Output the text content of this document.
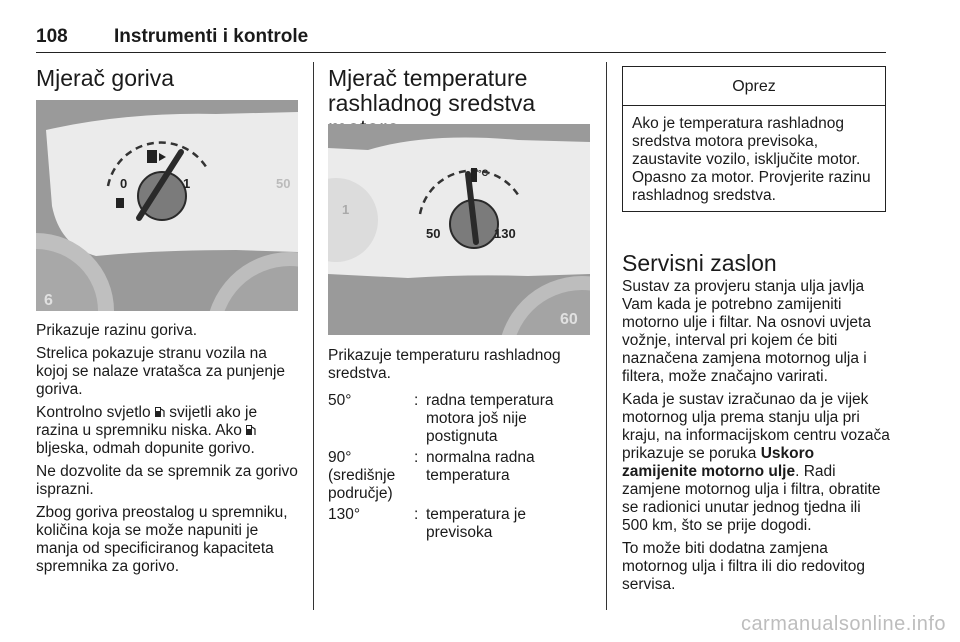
108 Instrumenti i kontrole
Mjerač goriva
0	1	50
6

Prikazuje razinu goriva.

Strelica pokazuje stranu vozila na kojoj se nalaze vratašca za punjenje goriva.

Kontrolno svjetlo svijetli ako je razina u spremniku niska. Ako  bljeska, odmah dopunite gorivo.

Ne dozvolite da se spremnik za gorivo isprazni.

Zbog goriva preostalog u spremniku, količina koja se može napuniti je manja od specificiranog kapaciteta spremnika za gorivo.

Mjerač temperature rashladnog sredstva
50	130
°C
1
60

Prikazuje temperaturu rashladnog sredstva.

50°	: radna temperatura motora još nije postignuta
90° (središnje područje)
: normalna radna temperatura
130°	: temperatura je previsoka
Oprez
Ako je temperatura rashladnog sredstva motora previsoka, zaustavite vozilo, isključite motor. Opasno za motor. Provjerite razinu rashladnog sredstva.
Servisni zaslon

Sustav za provjeru stanja ulja javlja Vam kada je potrebno zamijeniti motorno ulje i filtar. Na osnovi uvjeta vožnje, interval pri kojem će biti naznačena zamjena motornog ulja i filtera, može značajno varirati.

Kada je sustav izračunao da je vijek motornog ulja prema stanju ulja pri kraju, na informacijskom centru vozača prikazuje se poruka Uskoro zamijenite motorno ulje. Radi zamjene motornog ulja i filtra, obratite se radionici unutar jednog tjedna ili 500 km, što se prije dogodi.

To može biti dodatna zamjena motornog ulja i filtra ili dio redovitog servisa.

carmanualsonline.info
